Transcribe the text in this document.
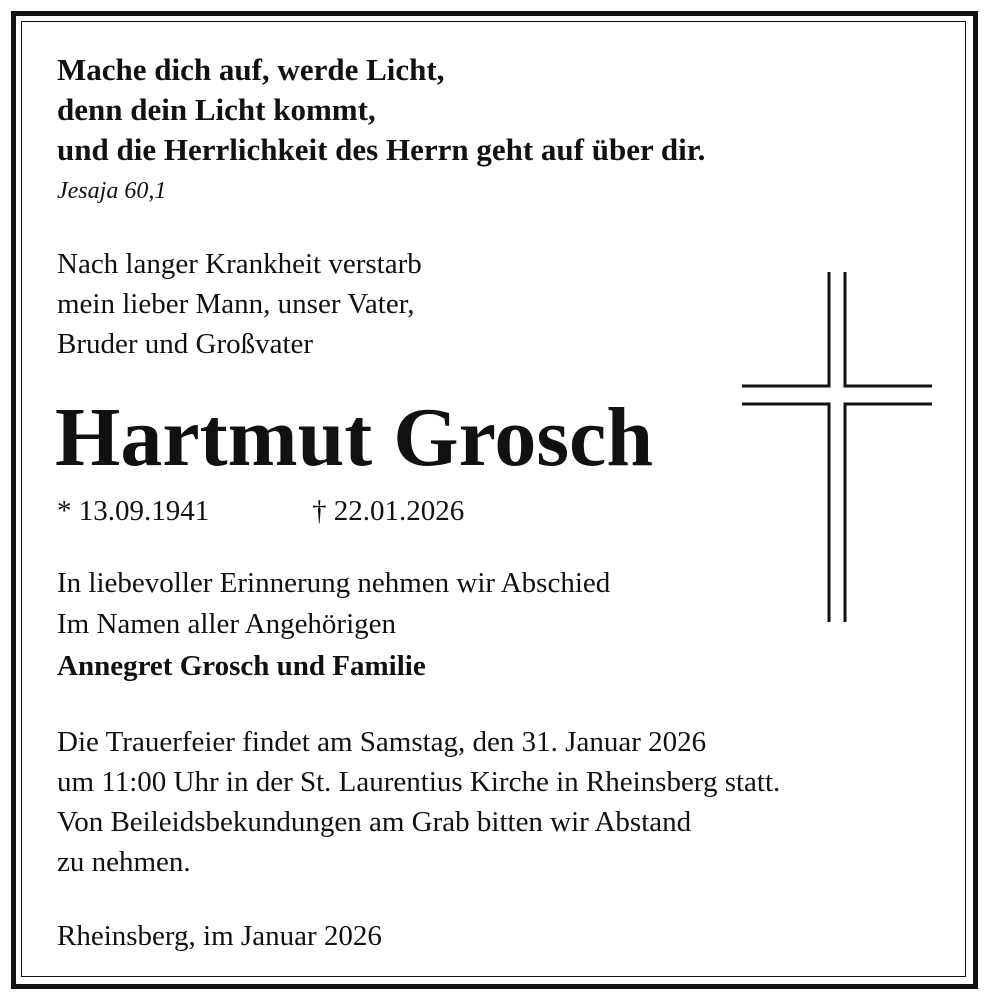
Mache dich auf, werde Licht,
denn dein Licht kommt,
und die Herrlichkeit des Herrn geht auf über dir.
Jesaja 60,1
Nach langer Krankheit verstarb
mein lieber Mann, unser Vater,
Bruder und Großvater
Hartmut Grosch
* 13.09.1941	† 22.01.2026
In liebevoller Erinnerung nehmen wir Abschied
Im Namen aller Angehörigen
Annegret Grosch und Familie
Die Trauerfeier findet am Samstag, den 31. Januar 2026
um 11:00 Uhr in der St. Laurentius Kirche in Rheinsberg statt.
Von Beileidsbekundungen am Grab bitten wir Abstand
zu nehmen.
Rheinsberg, im Januar 2026
